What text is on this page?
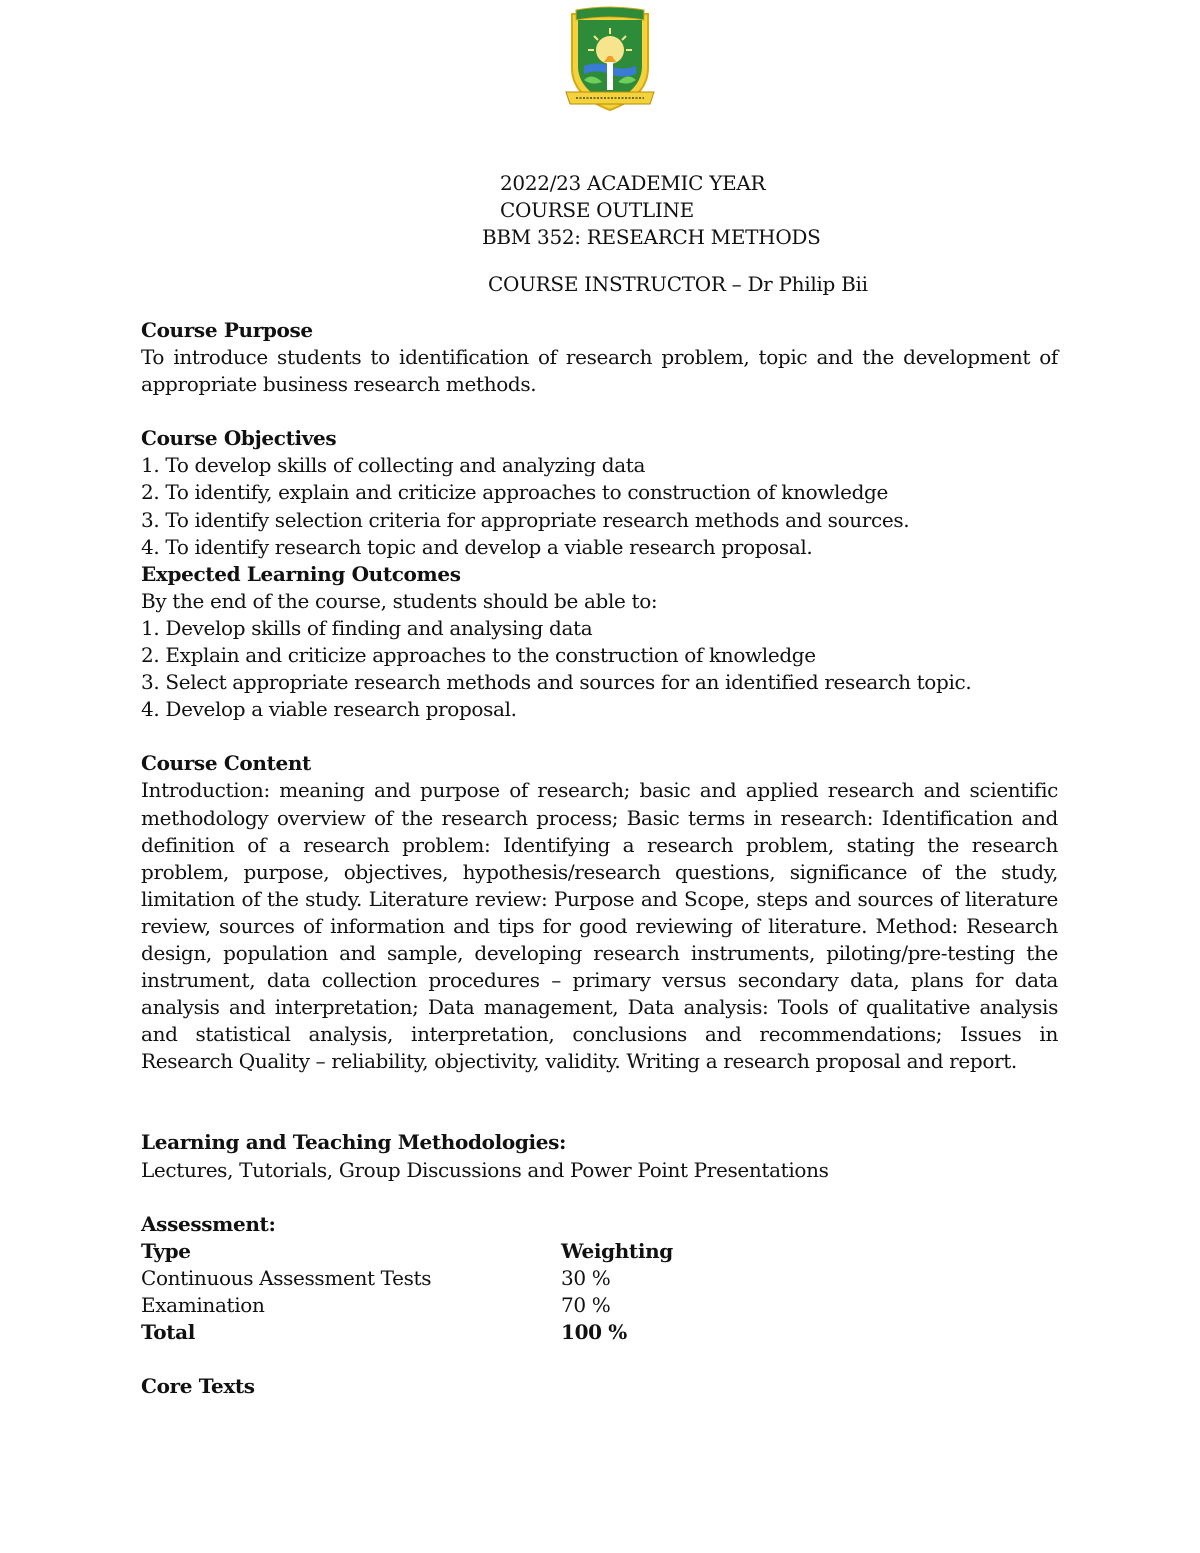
2022/23 ACADEMIC YEAR
COURSE OUTLINE
BBM 352: RESEARCH METHODS
COURSE INSTRUCTOR – Dr Philip Bii

Course Purpose

To introduce students to identification of research problem, topic and the development of appropriate business research methods.

Course Objectives

1. To develop skills of collecting and analyzing data

2. To identify, explain and criticize approaches to construction of knowledge

3. To identify selection criteria for appropriate research methods and sources.

4. To identify research topic and develop a viable research proposal.

Expected Learning Outcomes

By the end of the course, students should be able to:

1. Develop skills of finding and analysing data

2. Explain and criticize approaches to the construction of knowledge

3. Select appropriate research methods and sources for an identified research topic.

4. Develop a viable research proposal.

Course Content

Introduction: meaning and purpose of research; basic and applied research and scientific methodology overview of the research process; Basic terms in research: Identification and definition of a research problem: Identifying a research problem, stating the research problem, purpose, objectives, hypothesis/research questions, significance of the study, limitation of the study. Literature review: Purpose and Scope, steps and sources of literature review, sources of information and tips for good reviewing of literature. Method: Research design, population and sample, developing research instruments, piloting/pre-testing the instrument, data collection procedures – primary versus secondary data, plans for data analysis and interpretation; Data management, Data analysis: Tools of qualitative analysis and statistical analysis, interpretation, conclusions and recommendations; Issues in Research Quality – reliability, objectivity, validity. Writing a research proposal and report.

Learning and Teaching Methodologies:

Lectures, Tutorials, Group Discussions and Power Point Presentations

Assessment:

Type	Weighting
Continuous Assessment Tests	30 %
Examination	70 %
Total	100 %

Core Texts
